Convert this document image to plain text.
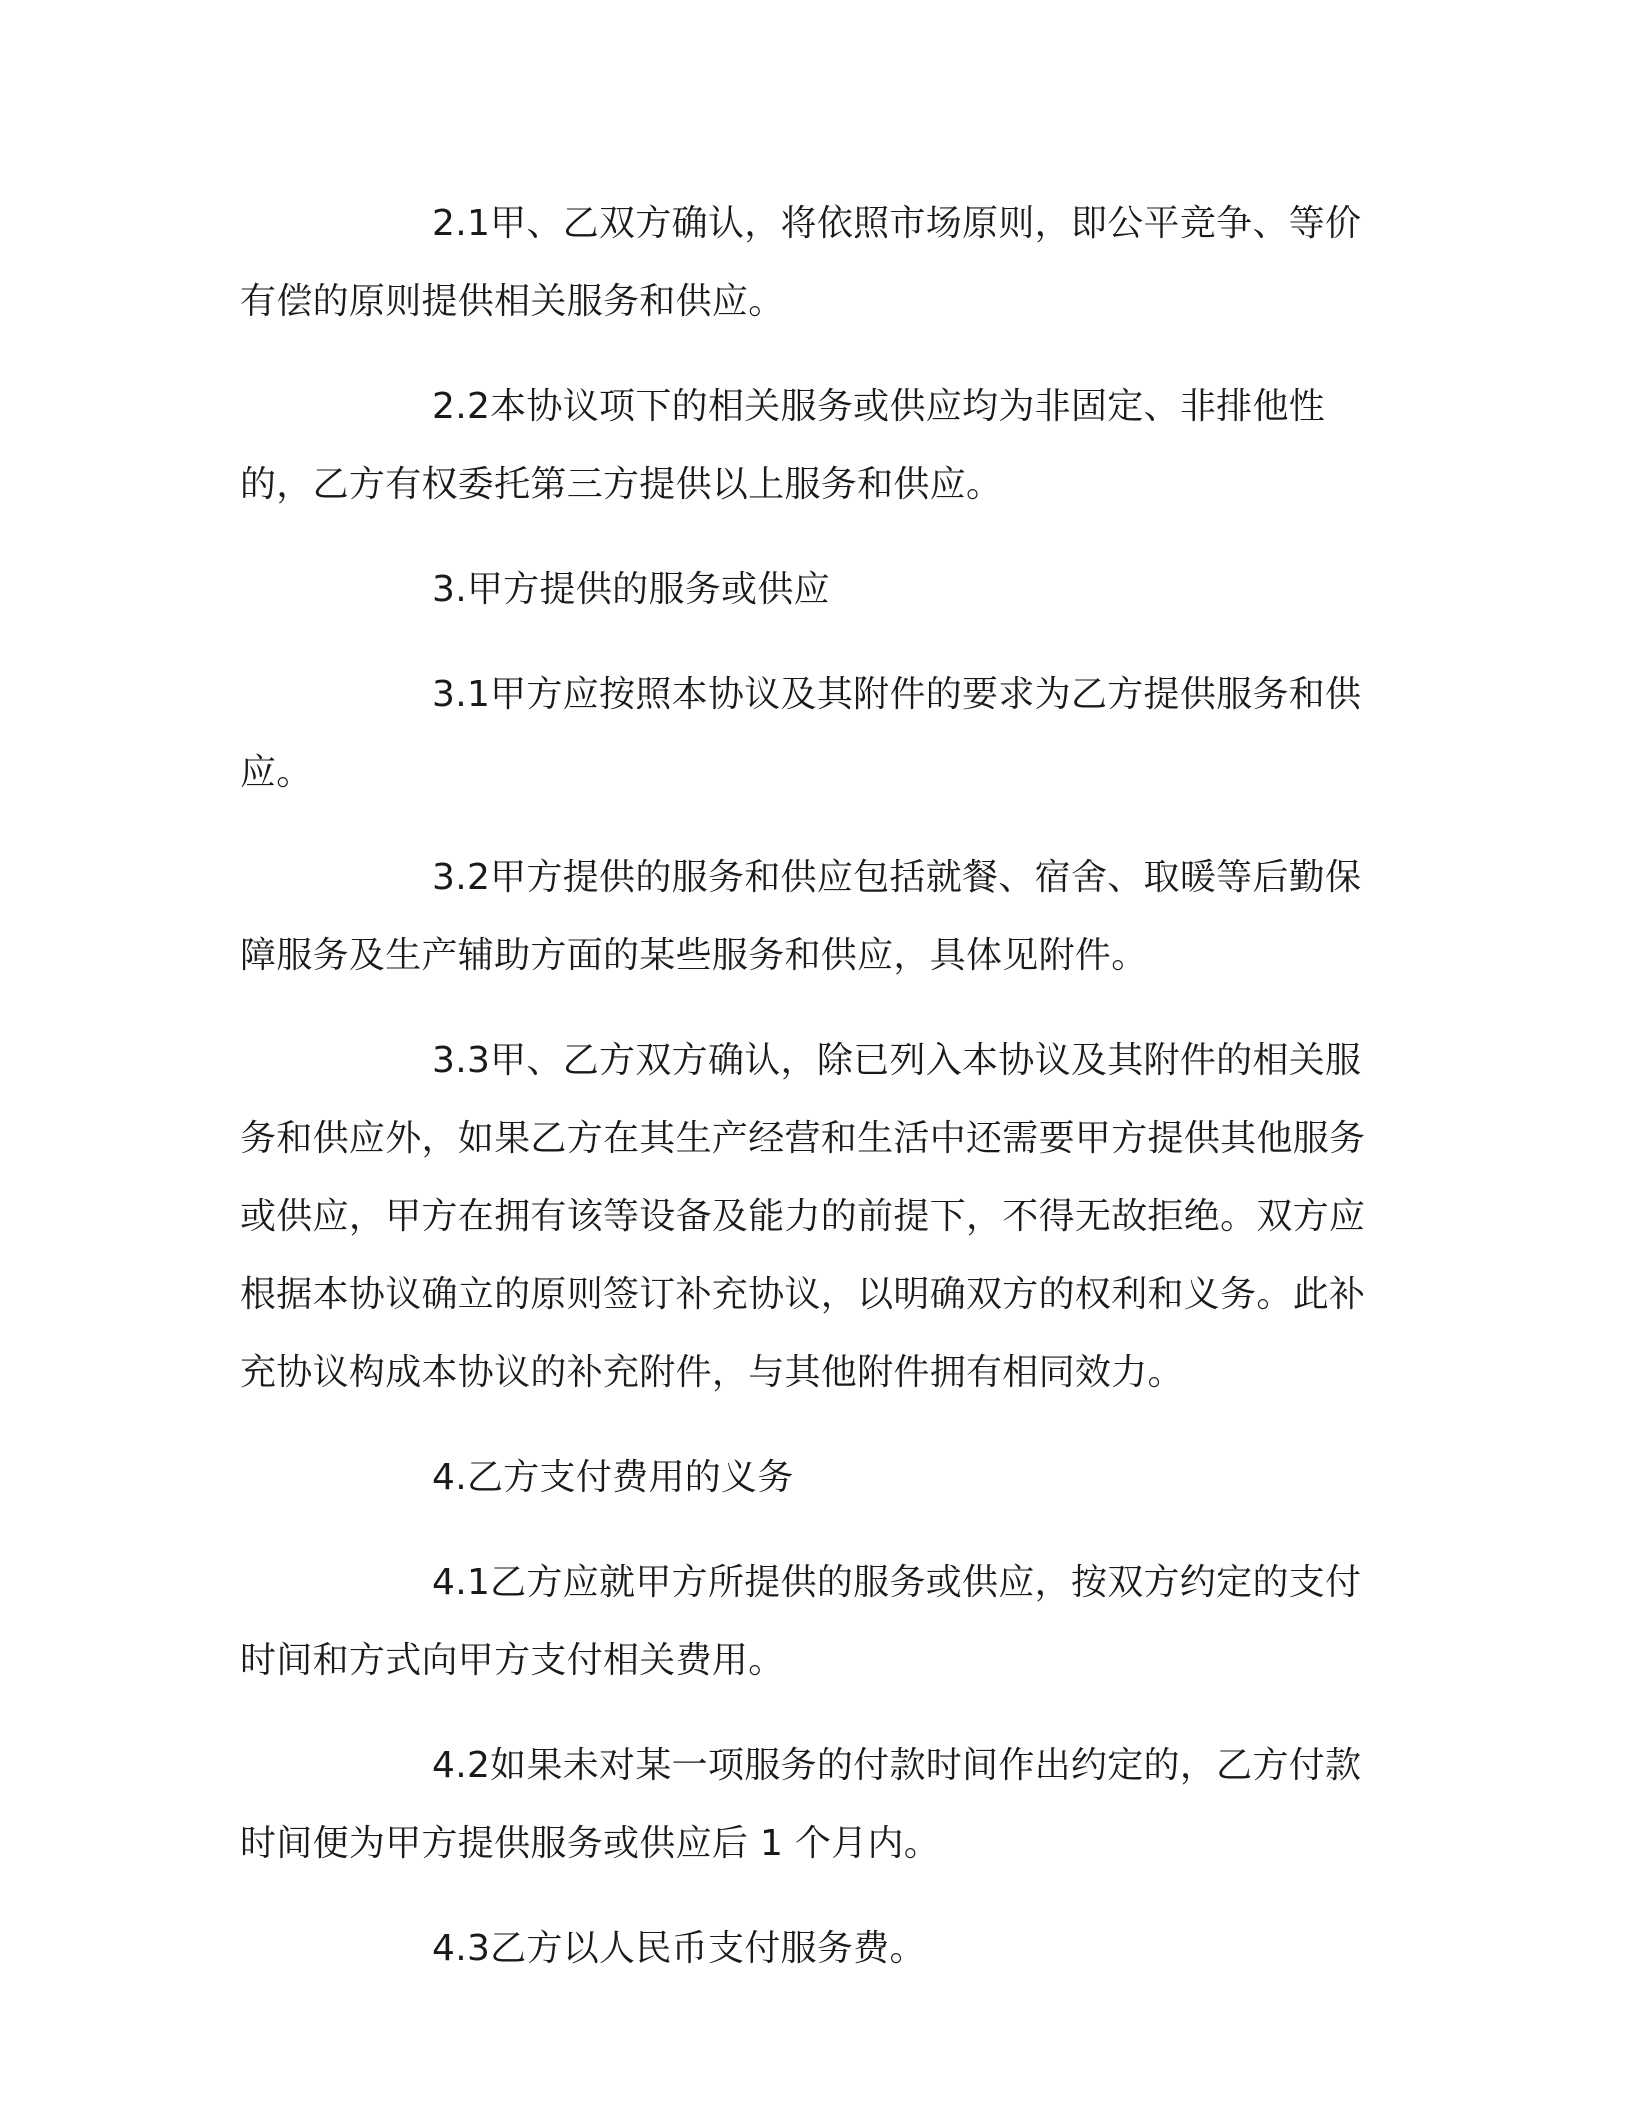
2.1甲、乙双方确认，将依照市场原则，即公平竞争、等价有偿的原则提供相关服务和供应。

2.2本协议项下的相关服务或供应均为非固定、非排他性的，乙方有权委托第三方提供以上服务和供应。

3.甲方提供的服务或供应

3.1甲方应按照本协议及其附件的要求为乙方提供服务和供应。

3.2甲方提供的服务和供应包括就餐、宿舍、取暖等后勤保障服务及生产辅助方面的某些服务和供应，具体见附件。

3.3甲、乙方双方确认，除已列入本协议及其附件的相关服务和供应外，如果乙方在其生产经营和生活中还需要甲方提供其他服务或供应，甲方在拥有该等设备及能力的前提下，不得无故拒绝。双方应根据本协议确立的原则签订补充协议，以明确双方的权利和义务。此补充协议构成本协议的补充附件，与其他附件拥有相同效力。

4.乙方支付费用的义务

4.1乙方应就甲方所提供的服务或供应，按双方约定的支付时间和方式向甲方支付相关费用。

4.2如果未对某一项服务的付款时间作出约定的，乙方付款时间便为甲方提供服务或供应后 1 个月内。

4.3乙方以人民币支付服务费。
